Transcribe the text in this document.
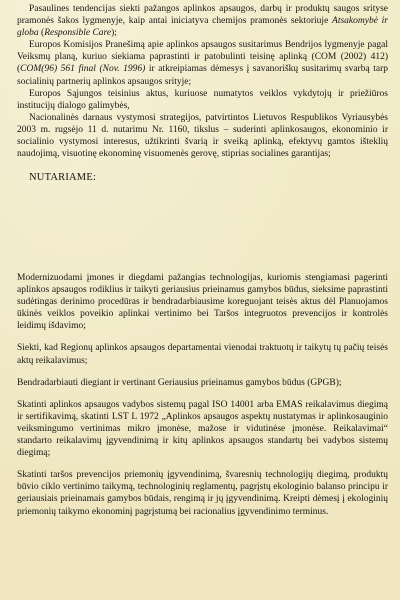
Pasaulines tendencijas siekti pažangos aplinkos apsaugos, darbų ir produktų saugos srityse pramonės šakos lygmenyje, kaip antai iniciatyva chemijos pramonės sektoriuje Atsakomybė ir globa (Responsible Care);

Europos Komisijos Pranešimą apie aplinkos apsaugos susitarimus Bendrijos lygmenyje pagal Veiksmų planą, kuriuo siekiama paprastinti ir patobulinti teisinę aplinką (COM (2002) 412) (COM(96) 561 final (Nov. 1996) ir atkreipiamas dėmesys į savanoriškų susitarimų svarbą tarp socialinių partnerių aplinkos apsaugos srityje;

Europos Sąjungos teisinius aktus, kuriuose numatytos veiklos vykdytojų ir priežiūros institucijų dialogo galimybės,

Nacionalinės darnaus vystymosi strategijos, patvirtintos Lietuvos Respublikos Vyriausybės 2003 m. rugsėjo 11 d. nutarimu Nr. 1160, tikslus – suderinti aplinkosaugos, ekonominio ir socialinio vystymosi interesus, užtikrinti švarią ir sveiką aplinką, efektyvų gamtos išteklių naudojimą, visuotinę ekonominę visuomenės gerovę, stiprias socialines garantijas;

NUTARIAME:

Modernizuodami įmones ir diegdami pažangias technologijas, kuriomis stengiamasi pagerinti aplinkos apsaugos rodiklius ir taikyti geriausius prieinamus gamybos būdus, sieksime paprastinti sudėtingas derinimo procedūras ir bendradarbiausime koreguojant teisės aktus dėl Planuojamos ūkinės veiklos poveikio aplinkai vertinimo bei Taršos integruotos prevencijos ir kontrolės leidimų išdavimo;

Siekti, kad Regionų aplinkos apsaugos departamentai vienodai traktuotų ir taikytų tų pačių teisės aktų reikalavimus;

Bendradarbiauti diegiant ir vertinant Geriausius prieinamus gamybos būdus (GPGB);

Skatinti aplinkos apsaugos vadybos sistemų pagal ISO 14001 arba EMAS reikalavimus diegimą ir sertifikavimą, skatinti LST L 1972 „Aplinkos apsaugos aspektų nustatymas ir aplinkosauginio veiksmingumo vertinimas mikro įmonėse, mažose ir vidutinėse įmonėse. Reikalavimai“ standarto reikalavimų įgyvendinimą ir kitų aplinkos apsaugos standartų bei vadybos sistemų diegimą;

Skatinti taršos prevencijos priemonių įgyvendinimą, švaresnių technologijų diegimą, produktų būvio ciklo vertinimo taikymą, technologinių reglamentų, pagrįstų ekologinio balanso principu ir geriausiais prieinamais gamybos būdais, rengimą ir jų įgyvendinimą. Kreipti dėmesį į ekologinių priemonių taikymo ekonominį pagrįstumą bei racionalius įgyvendinimo terminus.
